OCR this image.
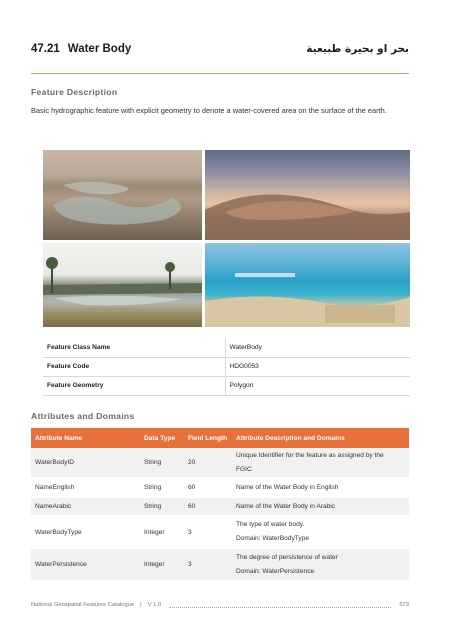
47.21 Water Body	بحر او بحيرة طبيعية
Feature Description
Basic hydrographic feature with explicit geometry to denote a water-covered area on the surface of the earth.
Feature Class Name	WaterBody
Feature Code	HDG0053
Feature Geometry	Polygon
Attributes and Domains
Attribute Name	Data Type	Field Length	Attribute Description and Domains
WaterBodyID	String	20	Unique Identifier for the feature as assigned by the
FGIC

NameEnglish	String	60	Name of the Water Body in English

NameArabic	String	60	Name of the Water Body in Arabic

WaterBodyType	Integer	3	The type of water body.
Domain: WaterBodyType

WaterPersistence	Integer	3	The degree of persistence of water
Domain: WaterPersistence
National Geospatial Features Catalogue | V 1.0	573
